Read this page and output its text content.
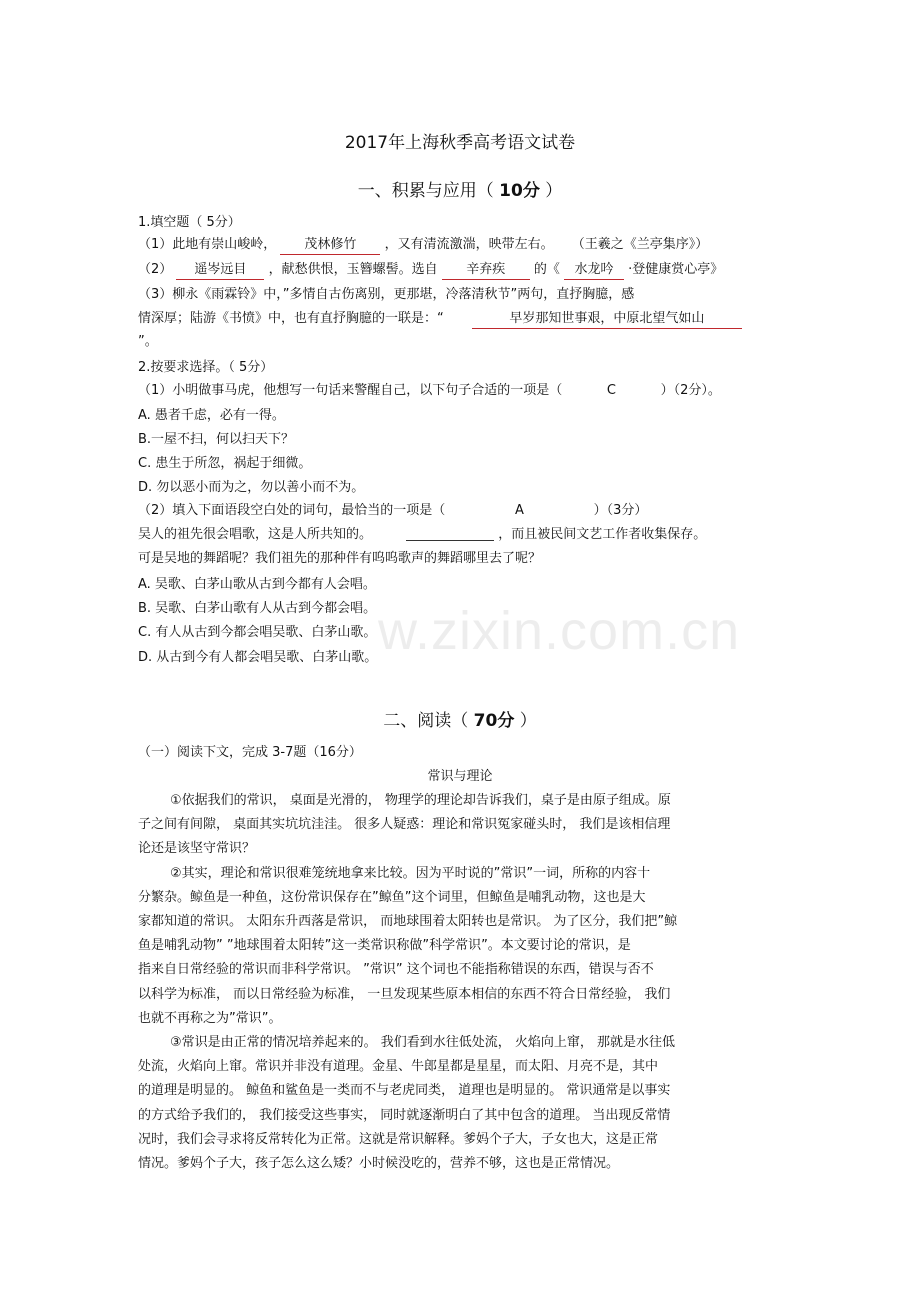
2017年上海秋季高考语文试卷
一、积累与应用（ 10分 ）
1.填空题（ 5分）
（1）此地有崇山峻岭， 茂林修竹 ，又有清流激湍，映带左右。 （王羲之《兰亭集序》）
（2） 遥岑远目 ，献愁供恨，玉簪螺髻。选自 辛弃疾 的《 水龙吟 ·登健康赏心亭》
（3）柳永《雨霖铃》中，”多情自古伤离别，更那堪，冷落清秋节”两句，直抒胸臆，感
情深厚；陆游《书愤》中，也有直抒胸臆的一联是：“	早岁那知世事艰，中原北望气如山
”。
2.按要求选择。（ 5分）
（1）小明做事马虎，他想写一句话来警醒自己，以下句子合适的一项是（	C	）（2分）。
A. 愚者千虑，必有一得。
B.一屋不扫，何以扫天下？
C. 患生于所忽，祸起于细微。
D. 勿以恶小而为之，勿以善小而不为。
（2）填入下面语段空白处的词句，最恰当的一项是（	A	）（3分）
吴人的祖先很会唱歌，这是人所共知的。	，而且被民间文艺工作者收集保存。
可是吴地的舞蹈呢？我们祖先的那种伴有呜呜歌声的舞蹈哪里去了呢？
A. 吴歌、白茅山歌从古到今都有人会唱。
B. 吴歌、白茅山歌有人从古到今都会唱。
C. 有人从古到今都会唱吴歌、白茅山歌。
D. 从古到今有人都会唱吴歌、白茅山歌。 w.zixin.com.cn
二、阅读（ 70分 ）
（一）阅读下文，完成 3-7题（16分）
常识与理论
①依据我们的常识， 桌面是光滑的， 物理学的理论却告诉我们，桌子是由原子组成。原
子之间有间隙， 桌面其实坑坑洼洼。 很多人疑惑：理论和常识冤家碰头时， 我们是该相信理
论还是该坚守常识？
②其实，理论和常识很难笼统地拿来比较。因为平时说的”常识”一词，所称的内容十
分繁杂。鲸鱼是一种鱼，这份常识保存在”鲸鱼”这个词里，但鲸鱼是哺乳动物，这也是大
家都知道的常识。 太阳东升西落是常识， 而地球围着太阳转也是常识。 为了区分，我们把”鲸
鱼是哺乳动物” ”地球围着太阳转”这一类常识称做”科学常识”。本文要讨论的常识，是
指来自日常经验的常识而非科学常识。 ”常识” 这个词也不能指称错误的东西，错误与否不
以科学为标准， 而以日常经验为标准， 一旦发现某些原本相信的东西不符合日常经验， 我们
也就不再称之为”常识”。
③常识是由正常的情况培养起来的。 我们看到水往低处流， 火焰向上窜， 那就是水往低
处流，火焰向上窜。常识并非没有道理。金星、牛郎星都是星星，而太阳、月亮不是，其中
的道理是明显的。 鲸鱼和鲨鱼是一类而不与老虎同类， 道理也是明显的。 常识通常是以事实
的方式给予我们的， 我们接受这些事实， 同时就逐渐明白了其中包含的道理。 当出现反常情
况时，我们会寻求将反常转化为正常。这就是常识解释。爹妈个子大，子女也大，这是正常
情况。爹妈个子大，孩子怎么这么矮？小时候没吃的，营养不够，这也是正常情况。
